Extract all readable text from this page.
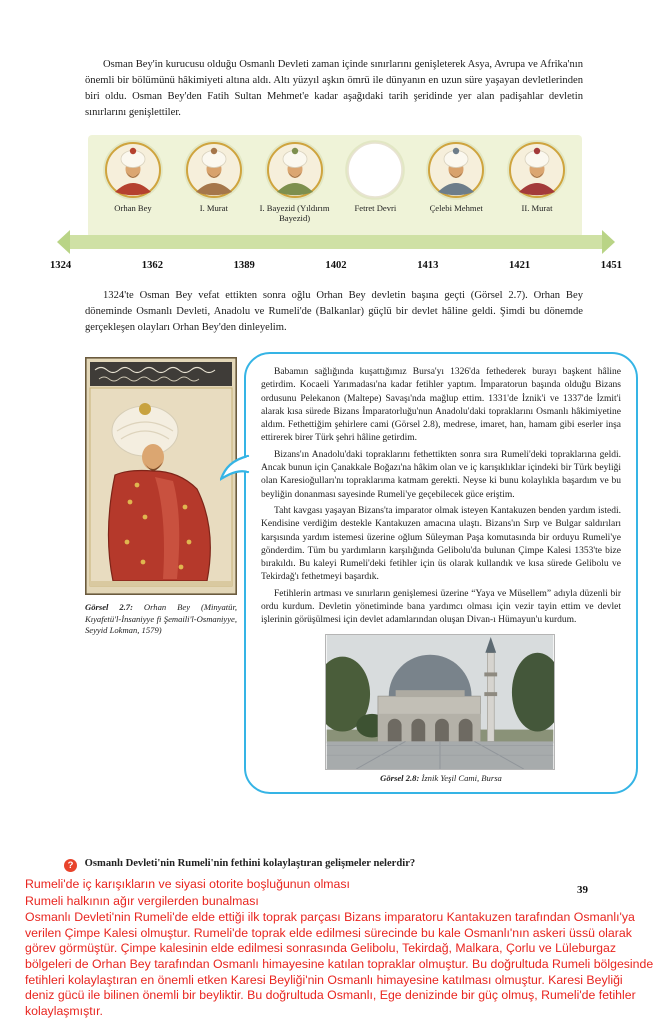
Osman Bey'in kurucusu olduğu Osmanlı Devleti zaman içinde sınırlarını genişleterek Asya, Avrupa ve Afrika'nın önemli bir bölümünü hâkimiyeti altına aldı. Altı yüzyıl aşkın ömrü ile dünyanın en uzun süre yaşayan devletlerinden biri oldu. Osman Bey'den Fatih Sultan Mehmet'e kadar aşağıdaki tarih şeridinde yer alan padişahlar devletin sınırlarını genişlettiler.

Orhan Bey	I. Murat	I. Bayezid (Yıldırım Bayezid)
Fetret Devri	Çelebi Mehmet	II. Murat
1324	1362	1389	1402	1413	1421	1451

1324'te Osman Bey vefat ettikten sonra oğlu Orhan Bey devletin başına geçti (Görsel 2.7). Orhan Bey döneminde Osmanlı Devleti, Anadolu ve Rumeli'de (Balkanlar) güçlü bir devlet hâline geldi. Şimdi bu dönemde gerçekleşen olayları Orhan Bey'den dinleyelim.

Görsel 2.7: Orhan Bey (Minyatür, Kıyafetü'l-İnsaniyye fi Şemaili'l-Osmaniyye, Seyyid Lokman, 1579)

Babamın sağlığında kuşattığımız Bursa'yı 1326'da fethederek burayı başkent hâline getirdim. Kocaeli Yarımadası'na kadar fetihler yaptım. İmparatorun başında olduğu Bizans ordusunu Pelekanon (Maltepe) Savaşı'nda mağlup ettim. 1331'de İznik'i ve 1337'de İzmit'i alarak kısa sürede Bizans İmparatorluğu'nun Anadolu'daki topraklarını Osmanlı hâkimiyetine aldım. Fethettiğim şehirlere cami (Görsel 2.8), medrese, imaret, han, hamam gibi eserler inşa ettirerek birer Türk şehri hâline getirdim.

Bizans'ın Anadolu'daki topraklarını fethettikten sonra sıra Rumeli'deki topraklarına geldi. Ancak bunun için Çanakkale Boğazı'na hâkim olan ve iç karışıklıklar içindeki bir Türk beyliği olan Karesioğulları'nı topraklarıma katmam gerekti. Neyse ki bunu kolaylıkla başardım ve bu beyliğin donanması sayesinde Rumeli'ye geçebilecek güce eriştim.

Taht kavgası yaşayan Bizans'ta imparator olmak isteyen Kantakuzen benden yardım istedi. Kendisine verdiğim destekle Kantakuzen amacına ulaştı. Bizans'ın Sırp ve Bulgar saldırıları karşısında yardım istemesi üzerine oğlum Süleyman Paşa komutasında bir orduyu Rumeli'ye gönderdim. Tüm bu yardımların karşılığında Gelibolu'da bulunan Çimpe Kalesi 1353'te bize bırakıldı. Bu kaleyi Rumeli'deki fetihler için üs olarak kullandık ve kısa sürede Gelibolu ve Tekirdağ'ı fethetmeyi başardık.

Fetihlerin artması ve sınırların genişlemesi üzerine “Yaya ve Müsellem” adıyla düzenli bir ordu kurdum. Devletin yönetiminde bana yardımcı olması için vezir tayin ettim ve devlet işlerinin görüşülmesi için devlet adamlarından oluşan Divan-ı Hümayun'u kurdum.

Görsel 2.8: İznik Yeşil Cami, Bursa
? Osmanlı Devleti'nin Rumeli'nin fethini kolaylaştıran gelişmeler nelerdir?
39

Rumeli'de iç karışıkların ve siyasi otorite boşluğunun olması

Rumeli halkının ağır vergilerden bunalması

Osmanlı Devleti'nin Rumeli'de elde ettiği ilk toprak parçası Bizans imparatoru Kantakuzen tarafından Osmanlı'ya verilen Çimpe Kalesi olmuştur. Rumeli'de toprak elde edilmesi sürecinde bu kale Osmanlı'nın askeri üssü olarak görev görmüştür. Çimpe kalesinin elde edilmesi sonrasında Gelibolu, Tekirdağ, Malkara, Çorlu ve Lüleburgaz bölgeleri de Orhan Bey tarafından Osmanlı himayesine katılan topraklar olmuştur. Bu doğrultuda Rumeli bölgesinde fetihleri kolaylaştıran en önemli etken Karesi Beyliği'nin Osmanlı himayesine katılması olmuştur. Karesi Beyliği deniz gücü ile bilinen önemli bir beyliktir. Bu doğrultuda Osmanlı, Ege denizinde bir güç olmuş, Rumeli'de fetihler kolaylaşmıştır.
